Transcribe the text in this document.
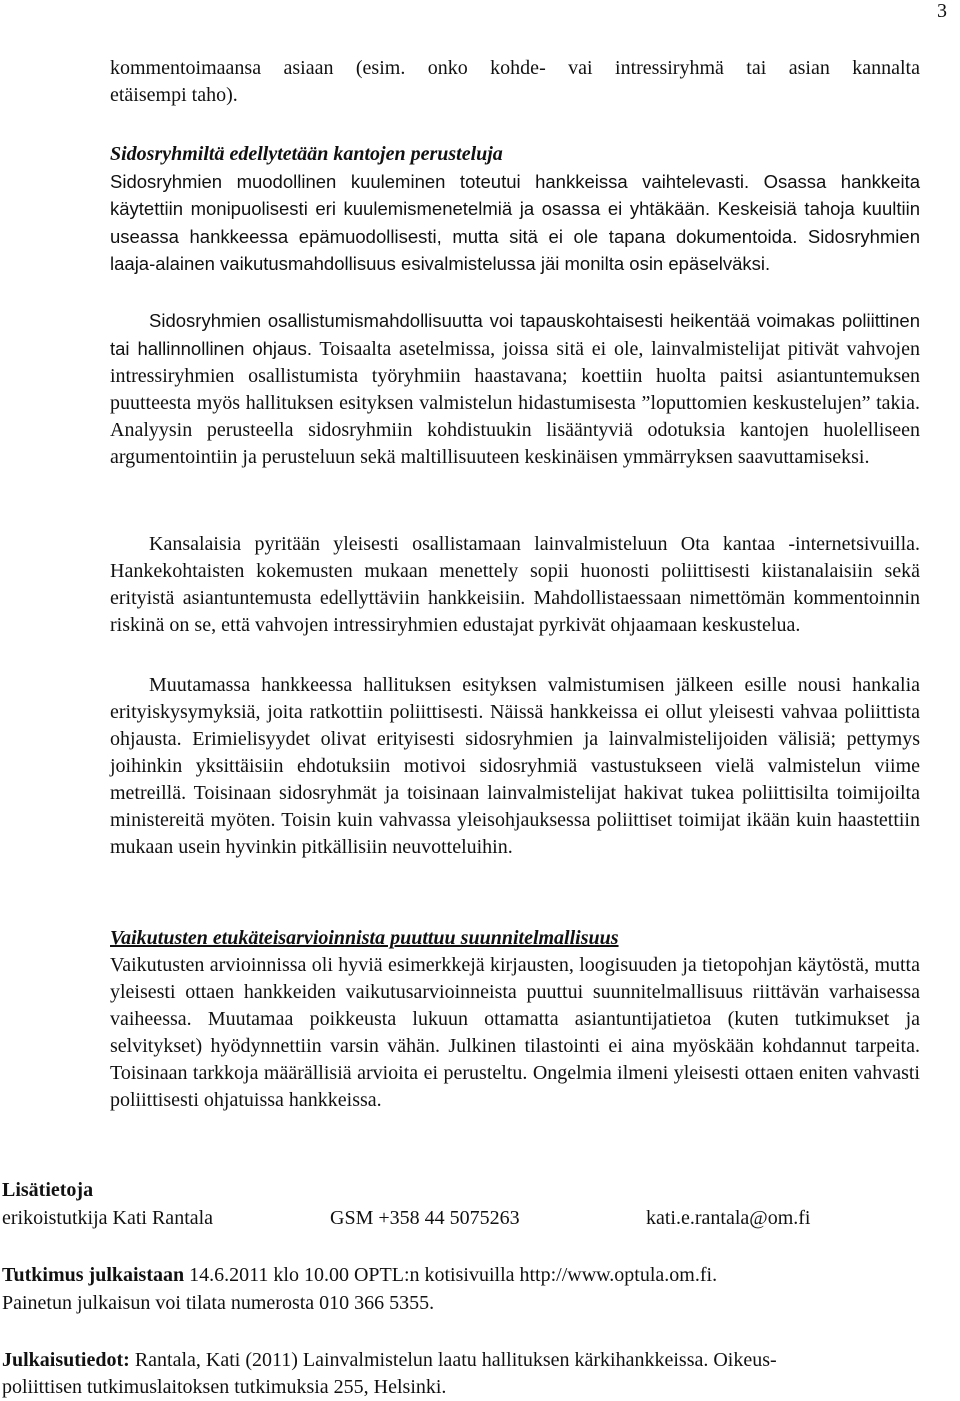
3
kommentoimaansa asiaan (esim. onko kohde- vai intressiryhmä tai asian kannalta
etäisempi taho).
Sidosryhmiltä edellytetään kantojen perusteluja

Sidosryhmien muodollinen kuuleminen toteutui hankkeissa vaihtelevasti. Osassa hankkeita käytettiin monipuolisesti eri kuulemismenetelmiä ja osassa ei yhtäkään. Keskeisiä tahoja kuultiin useassa hankkeessa epämuodollisesti, mutta sitä ei ole tapana dokumentoida. Sidosryhmien laaja-alainen vaikutusmahdollisuus esivalmistelussa jäi monilta osin epäselväksi.

Sidosryhmien osallistumismahdollisuutta voi tapauskohtaisesti heikentää voimakas poliittinen tai hallinnollinen ohjaus. Toisaalta asetelmissa, joissa sitä ei ole, lainvalmistelijat pitivät vahvojen intressiryhmien osallistumista työryhmiin haastavana; koettiin huolta paitsi asiantuntemuksen puutteesta myös hallituksen esityksen valmistelun hidastumisesta ”loputtomien keskustelujen” takia. Analyysin perusteella sidosryhmiin kohdistuukin lisääntyviä odotuksia kantojen huolelliseen argumentointiin ja perusteluun sekä maltillisuuteen keskinäisen ymmärryksen saavuttamiseksi.

Kansalaisia pyritään yleisesti osallistamaan lainvalmisteluun Ota kantaa -internetsivuilla. Hankekohtaisten kokemusten mukaan menettely sopii huonosti poliittisesti kiistanalaisiin sekä erityistä asiantuntemusta edellyttäviin hankkeisiin. Mahdollistaessaan nimettömän kommentoinnin riskinä on se, että vahvojen intressiryhmien edustajat pyrkivät ohjaamaan keskustelua.

Muutamassa hankkeessa hallituksen esityksen valmistumisen jälkeen esille nousi hankalia erityiskysymyksiä, joita ratkottiin poliittisesti. Näissä hankkeissa ei ollut yleisesti vahvaa poliittista ohjausta. Erimielisyydet olivat erityisesti sidosryhmien ja lainvalmistelijoiden välisiä; pettymys joihinkin yksittäisiin ehdotuksiin motivoi sidosryhmiä vastustukseen vielä valmistelun viime metreillä. Toisinaan sidosryhmät ja toisinaan lainvalmistelijat hakivat tukea poliittisilta toimijoilta ministereitä myöten. Toisin kuin vahvassa yleisohjauksessa poliittiset toimijat ikään kuin haastettiin mukaan usein hyvinkin pitkällisiin neuvotteluihin.

Vaikutusten etukäteisarvioinnista puuttuu suunnitelmallisuus

Vaikutusten arvioinnissa oli hyviä esimerkkejä kirjausten, loogisuuden ja tietopohjan käytöstä, mutta yleisesti ottaen hankkeiden vaikutusarvioinneista puuttui suunnitelmallisuus riittävän varhaisessa vaiheessa. Muutamaa poikkeusta lukuun ottamatta asiantuntijatietoa (kuten tutkimukset ja selvitykset) hyödynnettiin varsin vähän. Julkinen tilastointi ei aina myöskään kohdannut tarpeita. Toisinaan tarkkoja määrällisiä arvioita ei perusteltu. Ongelmia ilmeni yleisesti ottaen eniten vahvasti poliittisesti ohjatuissa hankkeissa.

Lisätietoja
erikoistutkija Kati Rantala	GSM +358 44 5075263	kati.e.rantala@om.fi
Tutkimus julkaistaan 14.6.2011 klo 10.00 OPTL:n kotisivuilla http://www.optula.om.fi.
Painetun julkaisun voi tilata numerosta 010 366 5355.
Julkaisutiedot: Rantala, Kati (2011) Lainvalmistelun laatu hallituksen kärkihankkeissa. Oikeus-
poliittisen tutkimuslaitoksen tutkimuksia 255, Helsinki.
